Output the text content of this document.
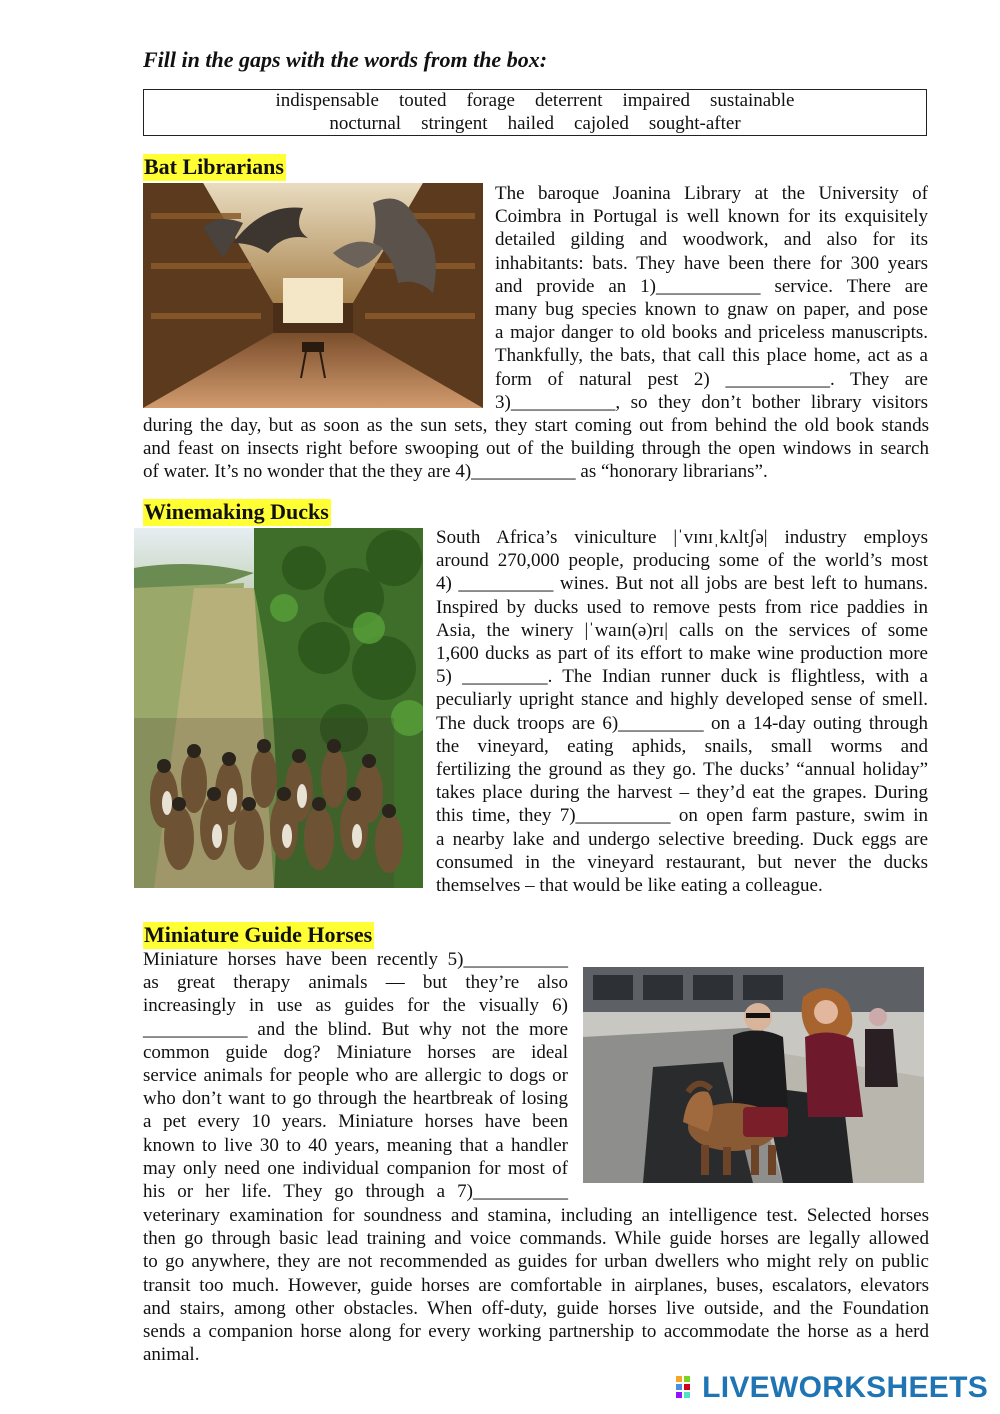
Fill in the gaps with the words from the box:
indispensable touted forage deterrent impaired sustainable
nocturnal stringent hailed cajoled sought-after
Bat Librarians

The baroque Joanina Library at the University of

Coimbra in Portugal is well known for its exquisitely

detailed gilding and woodwork, and also for its

inhabitants: bats. They have been there for 300 years

and provide an 1)___________ service. There are

many bug species known to gnaw on paper, and pose

a major danger to old books and priceless manuscripts.

Thankfully, the bats, that call this place home, act as a

form of natural pest 2) ___________. They are

3)___________, so they don’t bother library visitors

during the day, but as soon as the sun sets, they start coming out from behind the old book stands

and feast on insects right before swooping out of the building through the open windows in search

of water. It’s no wonder that the they are 4)___________ as “honorary librarians”.

Winemaking Ducks

South Africa’s viniculture |ˈvɪnɪˌkʌltʃə| industry employs

around 270,000 people, producing some of the world’s most

4) __________ wines. But not all jobs are best left to humans.

Inspired by ducks used to remove pests from rice paddies in

Asia, the winery |ˈwaɪn(ə)rɪ| calls on the services of some

1,600 ducks as part of its effort to make wine production more

5) _________. The Indian runner duck is flightless, with a

peculiarly upright stance and highly developed sense of smell.

The duck troops are 6)_________ on a 14-day outing through

the vineyard, eating aphids, snails, small worms and

fertilizing the ground as they go. The ducks’ “annual holiday”

takes place during the harvest – they’d eat the grapes. During

this time, they 7)__________ on open farm pasture, swim in

a nearby lake and undergo selective breeding. Duck eggs are

consumed in the vineyard restaurant, but never the ducks

themselves – that would be like eating a colleague.

Miniature Guide Horses

Miniature horses have been recently 5)___________

as great therapy animals — but they’re also

increasingly in use as guides for the visually 6)

___________ and the blind. But why not the more

common guide dog? Miniature horses are ideal

service animals for people who are allergic to dogs or

who don’t want to go through the heartbreak of losing

a pet every 10 years. Miniature horses have been

known to live 30 to 40 years, meaning that a handler

may only need one individual companion for most of

his or her life. They go through a 7)__________

veterinary examination for soundness and stamina, including an intelligence test. Selected horses

then go through basic lead training and voice commands. While guide horses are legally allowed

to go anywhere, they are not recommended as guides for urban dwellers who might rely on public

transit too much. However, guide horses are comfortable in airplanes, buses, escalators, elevators

and stairs, among other obstacles. When off-duty, guide horses live outside, and the Foundation

sends a companion horse along for every working partnership to accommodate the horse as a herd

animal.

LIVEWORKSHEETS
